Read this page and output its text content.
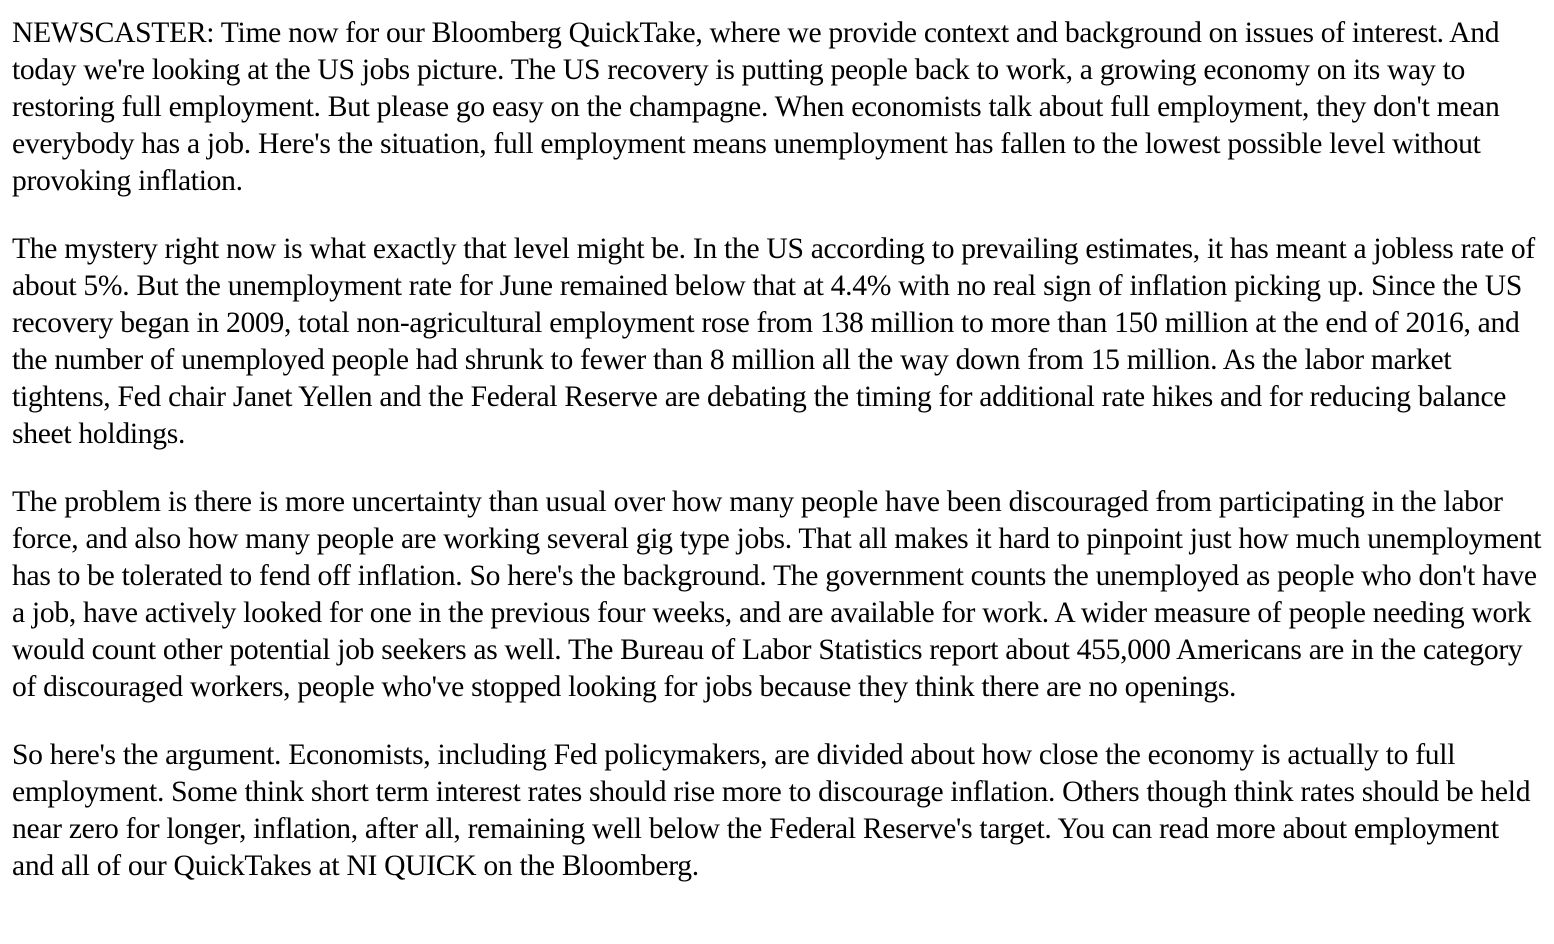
NEWSCASTER: Time now for our Bloomberg QuickTake, where we provide context and background on issues of interest. And today we're looking at the US jobs picture. The US recovery is putting people back to work, a growing economy on its way to restoring full employment. But please go easy on the champagne. When economists talk about full employment, they don't mean everybody has a job. Here's the situation, full employment means unemployment has fallen to the lowest possible level without provoking inflation.

The mystery right now is what exactly that level might be. In the US according to prevailing estimates, it has meant a jobless rate of about 5%. But the unemployment rate for June remained below that at 4.4% with no real sign of inflation picking up. Since the US recovery began in 2009, total non-agricultural employment rose from 138 million to more than 150 million at the end of 2016, and the number of unemployed people had shrunk to fewer than 8 million all the way down from 15 million. As the labor market tightens, Fed chair Janet Yellen and the Federal Reserve are debating the timing for additional rate hikes and for reducing balance sheet holdings.

The problem is there is more uncertainty than usual over how many people have been discouraged from participating in the labor force, and also how many people are working several gig type jobs. That all makes it hard to pinpoint just how much unemployment has to be tolerated to fend off inflation. So here's the background. The government counts the unemployed as people who don't have a job, have actively looked for one in the previous four weeks, and are available for work. A wider measure of people needing work would count other potential job seekers as well. The Bureau of Labor Statistics report about 455,000 Americans are in the category of discouraged workers, people who've stopped looking for jobs because they think there are no openings.

So here's the argument. Economists, including Fed policymakers, are divided about how close the economy is actually to full employment. Some think short term interest rates should rise more to discourage inflation. Others though think rates should be held near zero for longer, inflation, after all, remaining well below the Federal Reserve's target. You can read more about employment and all of our QuickTakes at NI QUICK on the Bloomberg.
